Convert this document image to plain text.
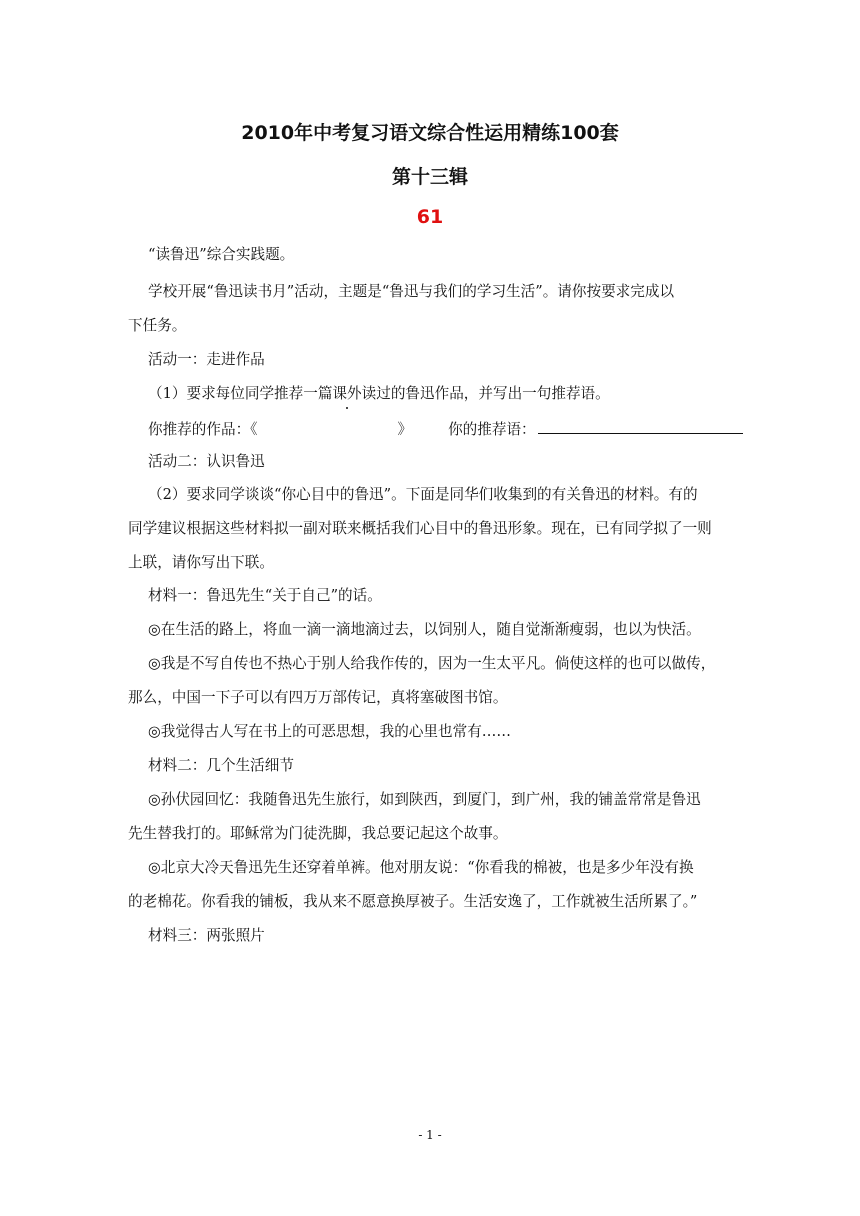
2010年中考复习语文综合性运用精练100套
第十三辑
61
“读鲁迅”综合实践题。
学校开展“鲁迅读书月”活动，主题是“鲁迅与我们的学习生活”。请你按要求完成以
下任务。
活动一：走进作品
（1）要求每位同学推荐一篇课外读过的鲁迅作品，并写出一句推荐语。
你推荐的作品：《	》 你的推荐语：
活动二：认识鲁迅
（2）要求同学谈谈“你心目中的鲁迅”。下面是同华们收集到的有关鲁迅的材料。有的
同学建议根据这些材料拟一副对联来概括我们心目中的鲁迅形象。现在，已有同学拟了一则
上联，请你写出下联。
材料一：鲁迅先生“关于自己”的话。
◎在生活的路上，将血一滴一滴地滴过去，以饲别人，随自觉渐渐瘦弱，也以为快活。
◎我是不写自传也不热心于别人给我作传的，因为一生太平凡。倘使这样的也可以做传，
那么，中国一下子可以有四万万部传记，真将塞破图书馆。
◎我觉得古人写在书上的可恶思想，我的心里也常有……
材料二：几个生活细节
◎孙伏园回忆：我随鲁迅先生旅行，如到陕西，到厦门，到广州，我的铺盖常常是鲁迅
先生替我打的。耶稣常为门徒洗脚，我总要记起这个故事。
◎北京大冷天鲁迅先生还穿着单裤。他对朋友说：“你看我的棉被，也是多少年没有换
的老棉花。你看我的铺板，我从来不愿意换厚被子。生活安逸了，工作就被生活所累了。”
材料三：两张照片
- 1 -
